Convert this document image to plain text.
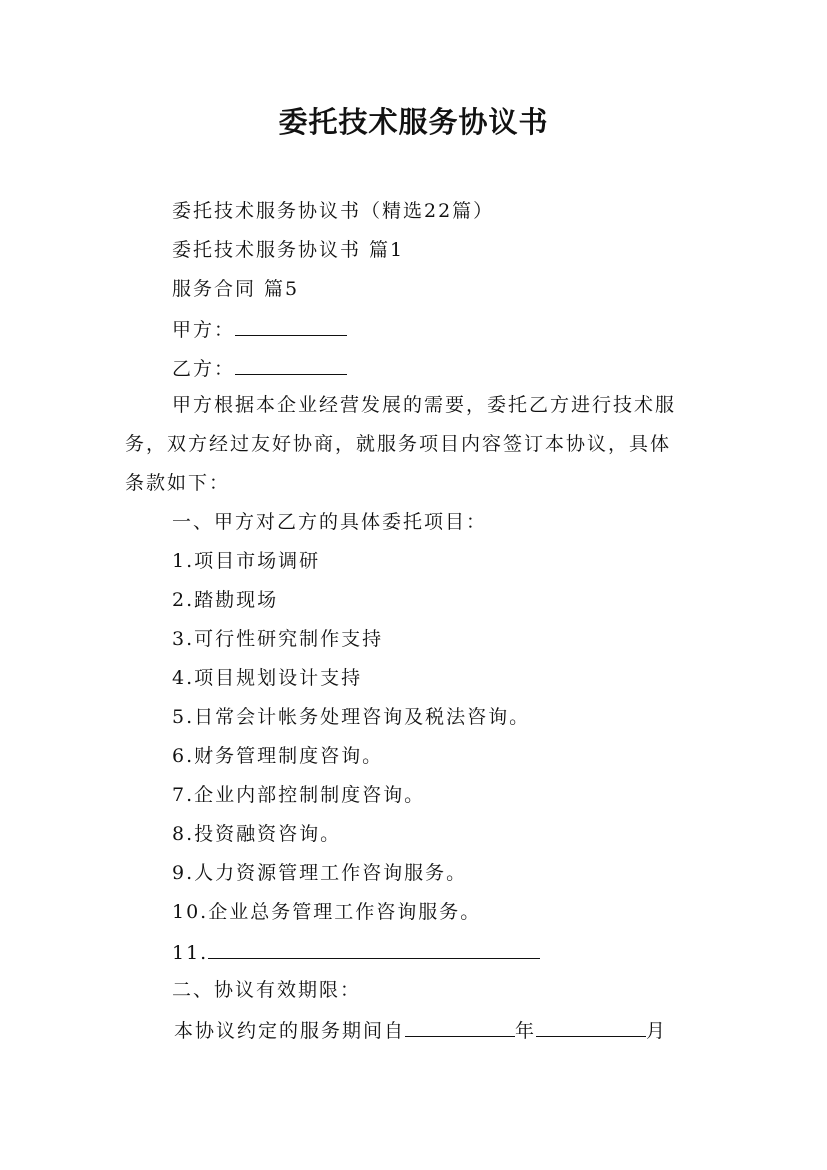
委托技术服务协议书
委托技术服务协议书（精选22篇）
委托技术服务协议书 篇1
服务合同 篇5
甲方：
乙方：
甲方根据本企业经营发展的需要，委托乙方进行技术服
务，双方经过友好协商，就服务项目内容签订本协议，具体
条款如下：
一、甲方对乙方的具体委托项目：
1.项目市场调研
2.踏勘现场
3.可行性研究制作支持
4.项目规划设计支持
5.日常会计帐务处理咨询及税法咨询。
6.财务管理制度咨询。
7.企业内部控制制度咨询。
8.投资融资咨询。
9.人力资源管理工作咨询服务。
10.企业总务管理工作咨询服务。
11.
二、协议有效期限：
本协议约定的服务期间自	年	月
